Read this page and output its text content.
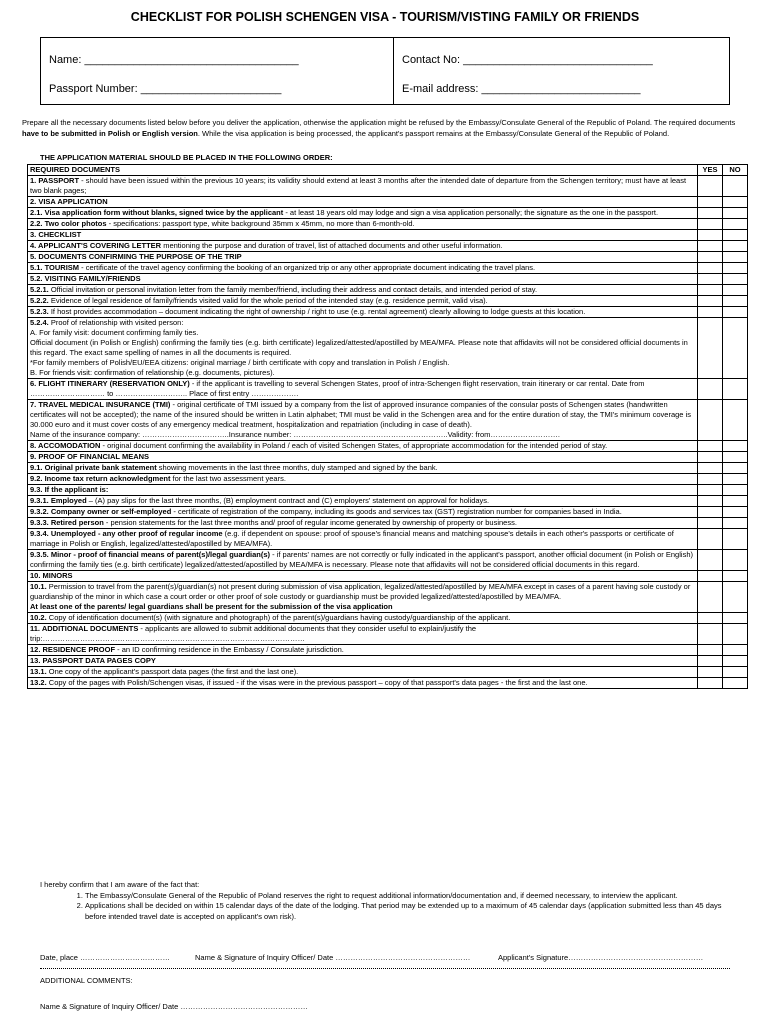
CHECKLIST FOR POLISH SCHENGEN VISA - TOURISM/VISTING FAMILY OR FRIENDS
Name: ___________________________________
Passport Number: _______________________
Contact No: _______________________________
E-mail address: __________________________
Prepare all the necessary documents listed below before you deliver the application, otherwise the application might be refused by the Embassy/Consulate General of the Republic of Poland. The required documents have to be submitted in Polish or English version. While the visa application is being processed, the applicant's passport remains at the Embassy/Consulate General of the Republic of Poland.
THE APPLICATION MATERIAL SHOULD BE PLACED IN THE FOLLOWING ORDER:
REQUIRED DOCUMENTS	YES	NO
1. PASSPORT - should have been issued within the previous 10 years; its validity should extend at least 3 months after the intended date of departure from the Schengen territory; must have at least two blank pages;		
2. VISA APPLICATION		
2.1. Visa application form without blanks, signed twice by the applicant - at least 18 years old may lodge and sign a visa application personally; the signature as the one in the passport.		
2.2. Two color photos - specifications: passport type, white background 35mm x 45mm, no more than 6-month-old.		
3. CHECKLIST		
4. APPLICANT'S COVERING LETTER mentioning the purpose and duration of travel, list of attached documents and other useful information.		
5. DOCUMENTS CONFIRMING THE PURPOSE OF THE TRIP		
5.1. TOURISM - certificate of the travel agency confirming the booking of an organized trip or any other appropriate document indicating the travel plans.		
5.2. VISITING FAMILY/FRIENDS		
5.2.1. Official invitation or personal invitation letter from the family member/friend, including their address and contact details, and intended period of stay.		
5.2.2. Evidence of legal residence of family/friends visited valid for the whole period of the intended stay (e.g. residence permit, valid visa).		
5.2.3. If host provides accommodation – document indicating the right of ownership / right to use (e.g. rental agreement) clearly allowing to lodge guests at this location.		
5.2.4. Proof of relationship with visited person:
A. For family visit: document confirming family ties.
Official document (in Polish or English) confirming the family ties (e.g. birth certificate) legalized/attested/apostilled by MEA/MFA. Please note that affidavits will not be considered official documents in this regard. The exact same spelling of names in all the documents is required.
*For family members of Polish/EU/EEA citizens: original marriage / birth certificate with copy and translation in Polish / English.
B. For friends visit: confirmation of relationship (e.g. documents, pictures).		
6. FLIGHT ITINERARY (RESERVATION ONLY) - if the applicant is travelling to several Schengen States, proof of intra-Schengen flight reservation, train itinerary or car rental. Date from ………………………… to ……………………….. Place of first entry ……………….		
7. TRAVEL MEDICAL INSURANCE (TMI) - original certificate of TMI issued by a company from the list of approved insurance companies of the consular posts of Schengen states (handwritten certificates will not be accepted); the name of the insured should be written in Latin alphabet; TMI must be valid in the Schengen area and for the entire duration of stay, the TMI's minimum coverage is 30.000 euro and it must cover costs of any emergency medical treatment, hospitalization and repatriation (including in case of death).
Name of the insurance company: ……………………………..Insurance number: ……………………………………………………..Validity: from……………………….		
8. ACCOMODATION - original document confirming the availability in Poland / each of visited Schengen States, of appropriate accommodation for the intended period of stay.		
9. PROOF OF FINANCIAL MEANS		
9.1. Original private bank statement showing movements in the last three months, duly stamped and signed by the bank.		
9.2. Income tax return acknowledgment for the last two assessment years.		
9.3. If the applicant is:		
9.3.1. Employed – (A) pay slips for the last three months, (B) employment contract and (C) employers' statement on approval for holidays.		
9.3.2. Company owner or self-employed - certificate of registration of the company, including its goods and services tax (GST) registration number for companies based in India.		
9.3.3. Retired person - pension statements for the last three months and/ proof of regular income generated by ownership of property or business.		
9.3.4. Unemployed - any other proof of regular income (e.g. if dependent on spouse: proof of spouse's financial means and matching spouse's details in each other's passports or certificate of marriage in Polish or English, legalized/attested/apostilled by MEA/MFA).		
9.3.5. Minor - proof of financial means of parent(s)/legal guardian(s) - if parents' names are not correctly or fully indicated in the applicant's passport, another official document (in Polish or English) confirming the family ties (e.g. birth certificate) legalized/attested/apostilled by MEA/MFA is necessary. Please note that affidavits will not be considered official documents in this regard.		
10. MINORS		
10.1. Permission to travel from the parent(s)/guardian(s) not present during submission of visa application, legalized/attested/apostilled by MEA/MFA except in cases of a parent having sole custody or guardianship of the minor in which case a court order or other proof of sole custody or guardianship must be provided legalized/attested/apostilled by MEA/MFA.
At least one of the parents/ legal guardians shall be present for the submission of the visa application		
10.2. Copy of identification document(s) (with signature and photograph) of the parent(s)/guardians having custody/guardianship of the applicant.		
11. ADDITIONAL DOCUMENTS - applicants are allowed to submit additional documents that they consider useful to explain/justify the trip:……………………………………………………………………………………………		
12. RESIDENCE PROOF - an ID confirming residence in the Embassy / Consulate jurisdiction.		
13. PASSPORT DATA PAGES COPY		
13.1. One copy of the applicant's passport data pages (the first and the last one).		
13.2. Copy of the pages with Polish/Schengen visas, if issued - if the visas were in the previous passport – copy of that passport's data pages - the first and the last one.		
I hereby confirm that I am aware of the fact that:
1. The Embassy/Consulate General of the Republic of Poland reserves the right to request additional information/documentation and, if deemed necessary, to interview the applicant.
2. Applications shall be decided on within 15 calendar days of the date of the lodging. That period may be extended up to a maximum of 45 calendar days (application submitted less than 45 days before intended travel date is accepted on applicant's own risk).
Date, place ………………………………	Name & Signature of Inquiry Officer/ Date ………………………………………………	Applicant's Signature………………………………………………
ADDITIONAL COMMENTS:
Name & Signature of Inquiry Officer/ Date ……………………………………………
